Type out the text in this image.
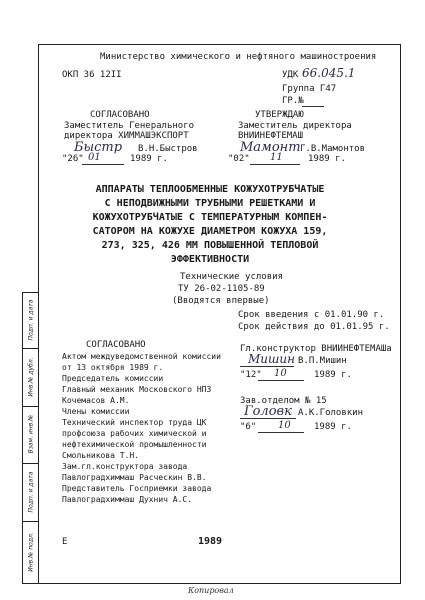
Инв.№ подл.
Подп. и дата
Взам. инв.№
Инв.№ дубл.
Подп. и дата
Министерство химического и нефтяного машиностроения
ОКП 36 12II	УДК 66.045.1
Группа Г47
ГР.№
СОГЛАСОВАНО
Заместитель Генерального
директора ХИММАШЭКСПОРТ
Быстр В.Н.Быстров
"26" 01	1989 г.
УТВЕРЖДАЮ
Заместитель директора
ВНИИНЕФТЕМАШ
Мамонт Г.В.Мамонтов
"02" 11	1989 г.
АППАРАТЫ ТЕПЛООБМЕННЫЕ КОЖУХОТРУБЧАТЫЕ
С НЕПОДВИЖНЫМИ ТРУБНЫМИ РЕШЕТКАМИ И
КОЖУХОТРУБЧАТЫЕ С ТЕМПЕРАТУРНЫМ КОМПЕН-
САТОРОМ НА КОЖУХЕ ДИАМЕТРОМ КОЖУХА 159,
273, 325, 426 ММ ПОВЫШЕННОЙ ТЕПЛОВОЙ
ЭФФЕКТИВНОСТИ
Технические условия
ТУ 26-02-1105-89
(Вводятся впервые)
Срок введения с 01.01.90 г.
Срок действия до 01.01.95 г.
СОГЛАСОВАНО
Актом междуведомственной комиссии
от 13 октября 1989 г.
Председатель комиссии
Главный механик Московского НПЗ
Кочемасов А.М.
Члены комиссии
Технический инспектор труда ЦК
профсоюза рабочих химической и
нефтехимической промышленности
Смольникова Т.Н.
Зам.гл.конструктора завода
Павлоградхиммаш Расческин В.В.
Представитель Госприемки завода
Павлоградхиммаш Духнич А.С.
Гл.конструктор ВНИИНЕФТЕМАШа
Мишин В.П.Мишин
"12" 10	1989 г.
Зав.отделом № 15
Головк А.К.Головкин
"6" 10	1989 г.
Е	1989
Копировал
